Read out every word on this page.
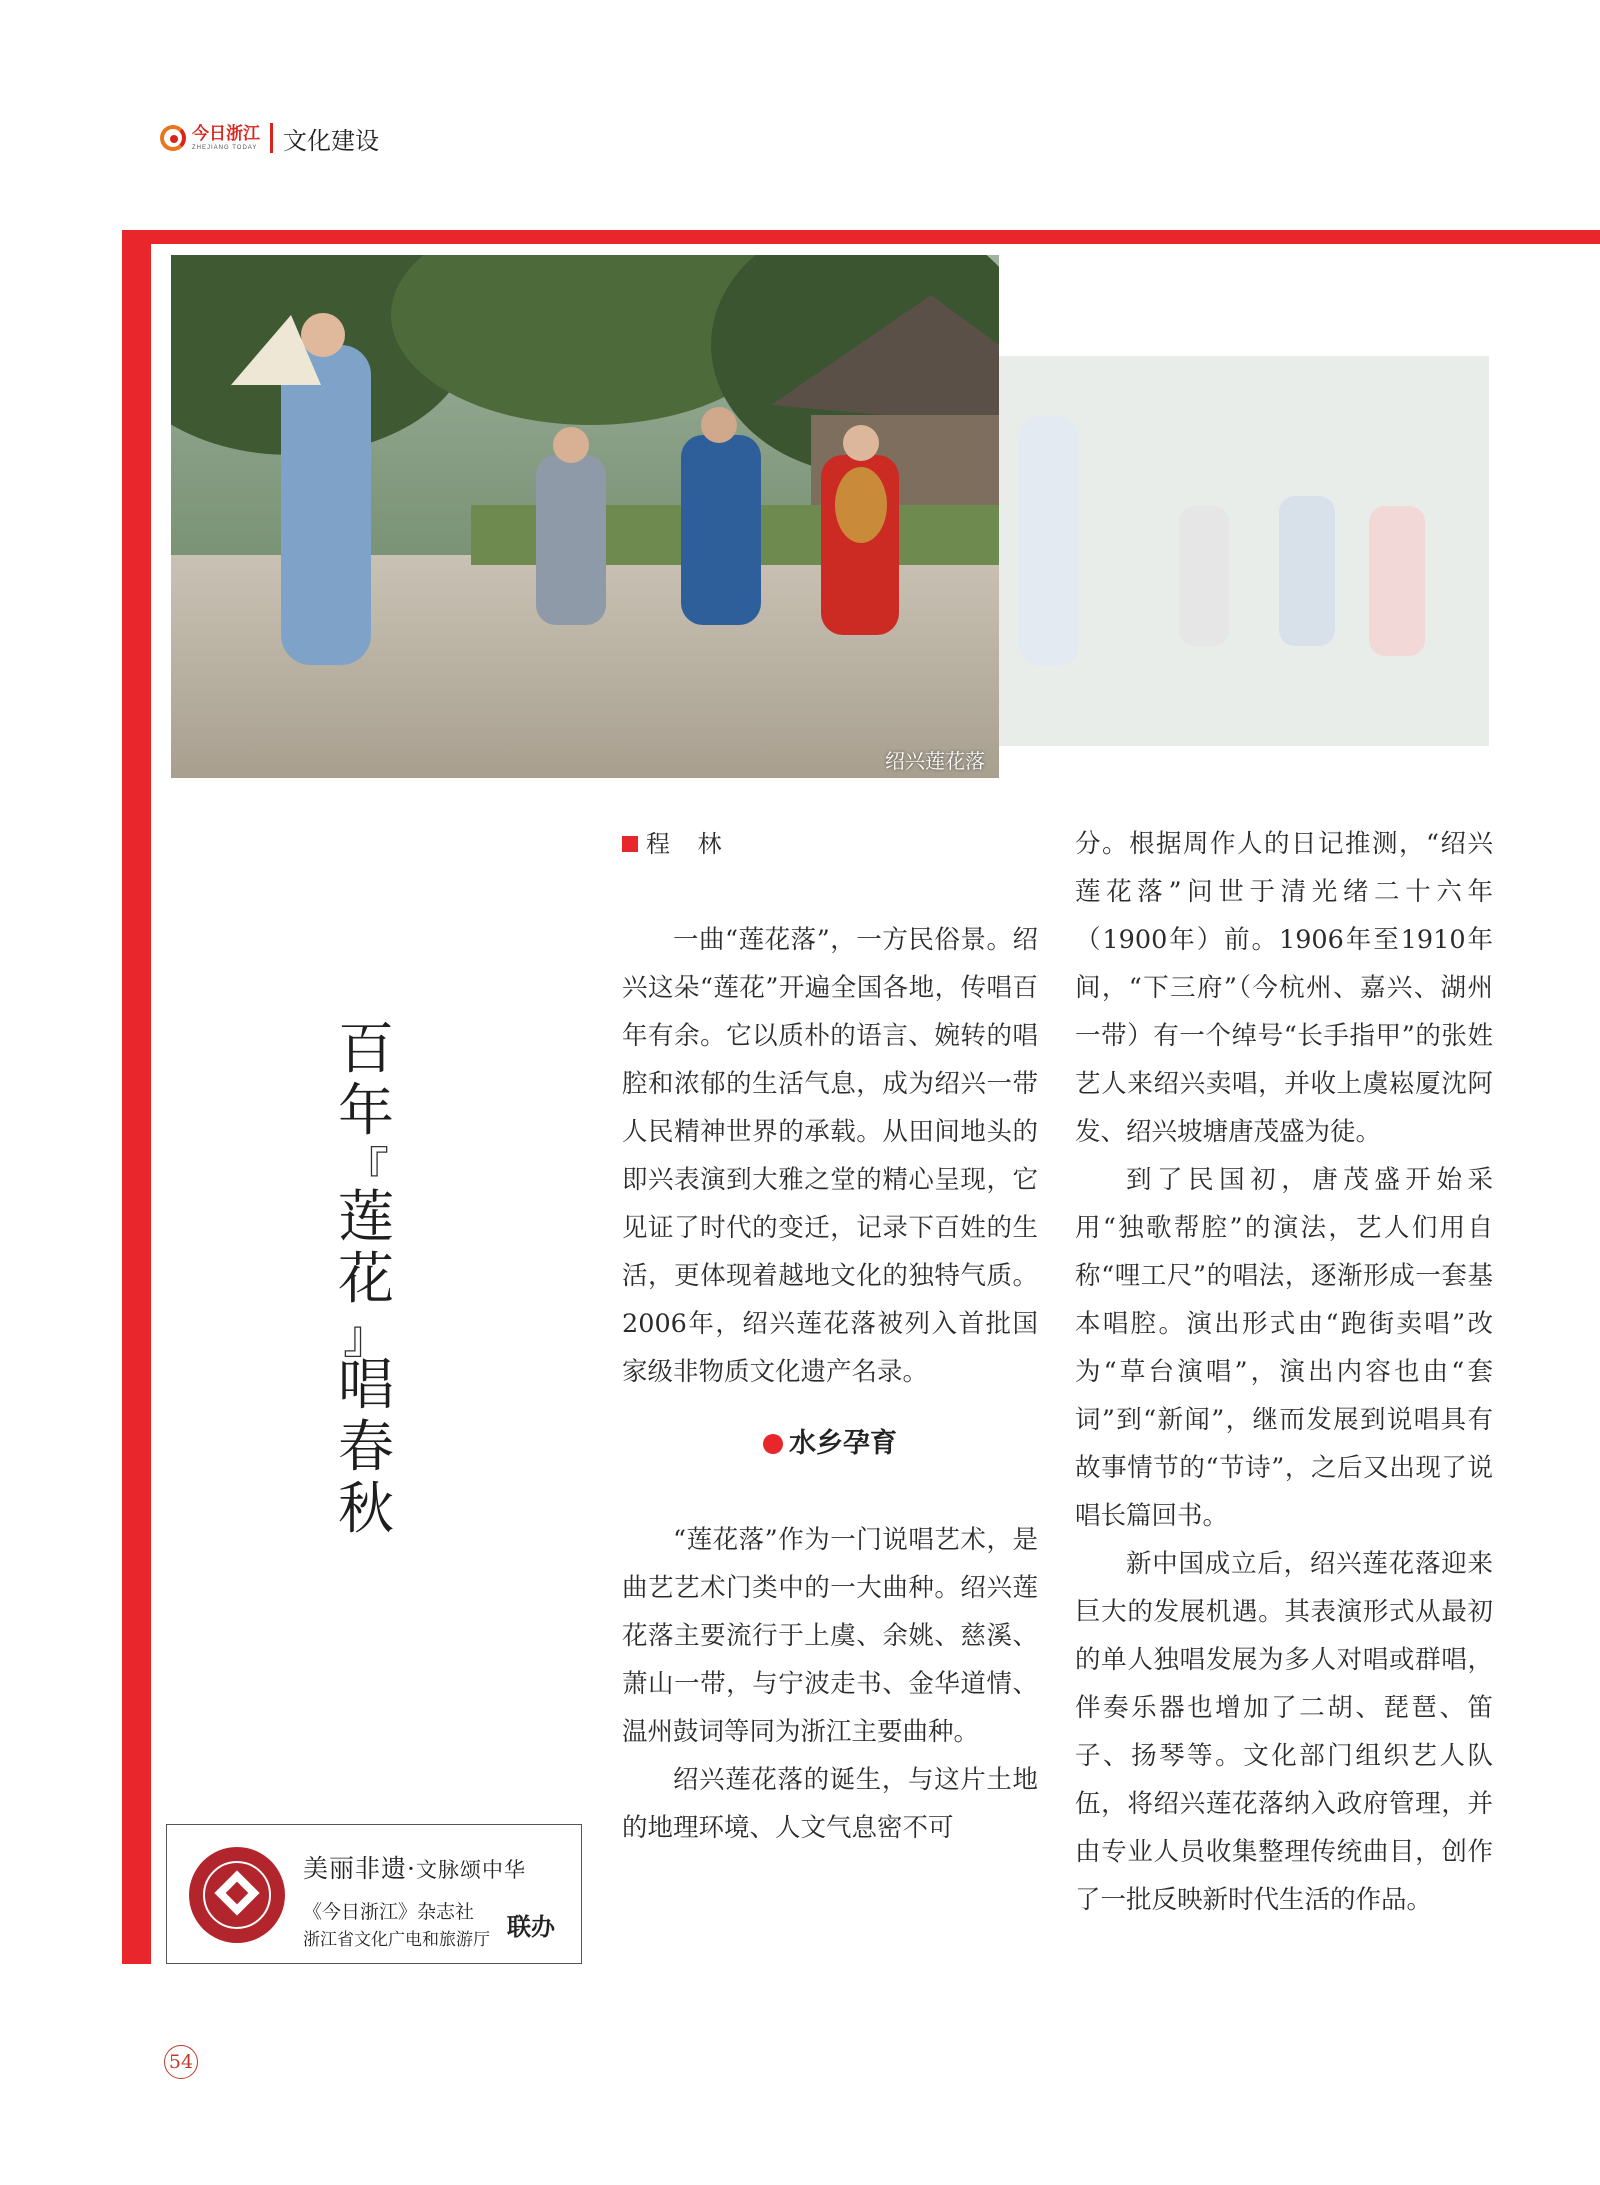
今日浙江
ZHEJIANG TODAY 文化建设
绍兴莲花落
百
年
『
莲
花
』
唱
春
秋
程 林

一曲“莲花落”，一方民俗景。绍兴这朵“莲花”开遍全国各地，传唱百年有余。它以质朴的语言、婉转的唱腔和浓郁的生活气息，成为绍兴一带人民精神世界的承载。从田间地头的即兴表演到大雅之堂的精心呈现，它见证了时代的变迁，记录下百姓的生活，更体现着越地文化的独特气质。2006年，绍兴莲花落被列入首批国家级非物质文化遗产名录。

水乡孕育

“莲花落”作为一门说唱艺术，是曲艺艺术门类中的一大曲种。绍兴莲花落主要流行于上虞、余姚、慈溪、萧山一带，与宁波走书、金华道情、温州鼓词等同为浙江主要曲种。

绍兴莲花落的诞生，与这片土地的地理环境、人文气息密不可

分。根据周作人的日记推测，“绍兴莲花落”问世于清光绪二十六年（1900年）前。1906年至1910年间，“下三府”（今杭州、嘉兴、湖州一带）有一个绰号“长手指甲”的张姓艺人来绍兴卖唱，并收上虞崧厦沈阿发、绍兴坡塘唐茂盛为徒。

到了民国初，唐茂盛开始采用“独歌帮腔”的演法，艺人们用自称“哩工尺”的唱法，逐渐形成一套基本唱腔。演出形式由“跑街卖唱”改为“草台演唱”，演出内容也由“套词”到“新闻”，继而发展到说唱具有故事情节的“节诗”，之后又出现了说唱长篇回书。

新中国成立后，绍兴莲花落迎来巨大的发展机遇。其表演形式从最初的单人独唱发展为多人对唱或群唱，伴奏乐器也增加了二胡、琵琶、笛子、扬琴等。文化部门组织艺人队伍，将绍兴莲花落纳入政府管理，并由专业人员收集整理传统曲目，创作了一批反映新时代生活的作品。

美丽非遗·文脉颂中华
《今日浙江》杂志社
浙江省文化广电和旅游厅 联办
54
